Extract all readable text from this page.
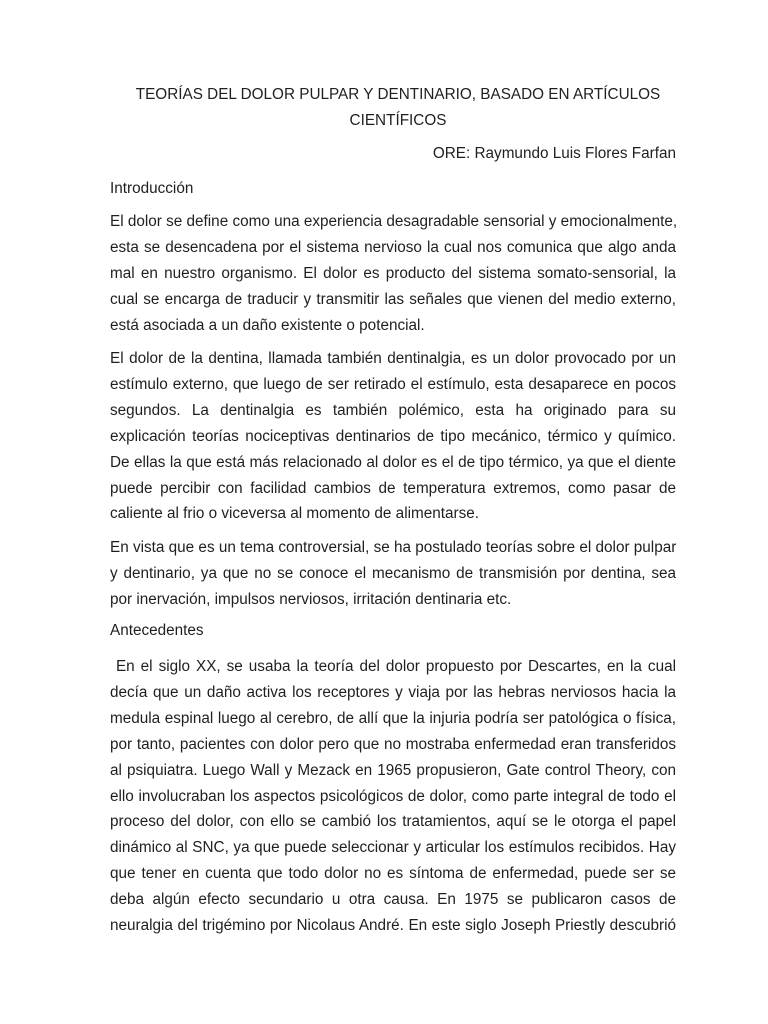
TEORÍAS DEL DOLOR PULPAR Y DENTINARIO, BASADO EN ARTÍCULOS
CIENTÍFICOS

ORE: Raymundo Luis Flores Farfan

Introducción

El dolor se define como una experiencia desagradable sensorial y emocionalmente,
esta se desencadena por el sistema nervioso la cual nos comunica que algo anda
mal en nuestro organismo. El dolor es producto del sistema somato-sensorial, la
cual se encarga de traducir y transmitir las señales que vienen del medio externo,
está asociada a un daño existente o potencial.

El dolor de la dentina, llamada también dentinalgia, es un dolor provocado por un
estímulo externo, que luego de ser retirado el estímulo, esta desaparece en pocos
segundos. La dentinalgia es también polémico, esta ha originado para su
explicación teorías nociceptivas dentinarios de tipo mecánico, térmico y químico.
De ellas la que está más relacionado al dolor es el de tipo térmico, ya que el diente
puede percibir con facilidad cambios de temperatura extremos, como pasar de
caliente al frio o viceversa al momento de alimentarse.

En vista que es un tema controversial, se ha postulado teorías sobre el dolor pulpar
y dentinario, ya que no se conoce el mecanismo de transmisión por dentina, sea
por inervación, impulsos nerviosos, irritación dentinaria etc.

Antecedentes

En el siglo XX, se usaba la teoría del dolor propuesto por Descartes, en la cual
decía que un daño activa los receptores y viaja por las hebras nerviosos hacia la
medula espinal luego al cerebro, de allí que la injuria podría ser patológica o física,
por tanto, pacientes con dolor pero que no mostraba enfermedad eran transferidos
al psiquiatra. Luego Wall y Mezack en 1965 propusieron, Gate control Theory, con
ello involucraban los aspectos psicológicos de dolor, como parte integral de todo el
proceso del dolor, con ello se cambió los tratamientos, aquí se le otorga el papel
dinámico al SNC, ya que puede seleccionar y articular los estímulos recibidos. Hay
que tener en cuenta que todo dolor no es síntoma de enfermedad, puede ser se
deba algún efecto secundario u otra causa. En 1975 se publicaron casos de
neuralgia del trigémino por Nicolaus André. En este siglo Joseph Priestly descubrió
